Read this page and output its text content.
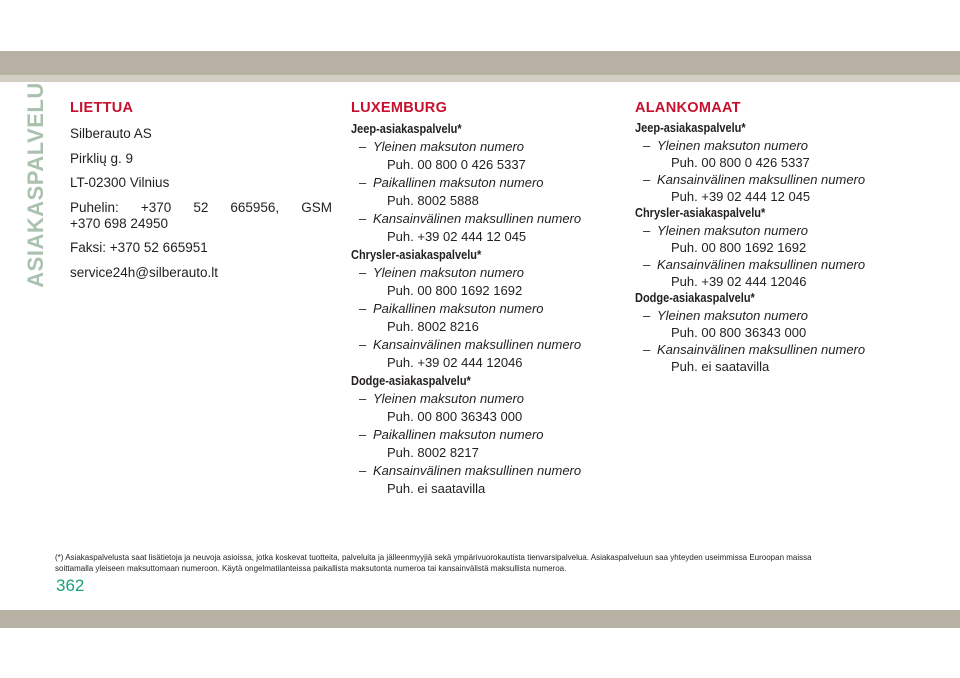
ASIAKASPALVELU LIETTUA
Silberauto AS
Pirklių g. 9
LT-02300 Vilnius
Puhelin: +370 52 665956, GSM
+370 698 24950
Faksi: +370 52 665951
service24h@silberauto.lt
LUXEMBURG
Jeep-asiakaspalvelu*
– Yleinen maksuton numero
Puh. 00 800 0 426 5337
– Paikallinen maksuton numero
Puh. 8002 5888
– Kansainvälinen maksullinen numero
Puh. +39 02 444 12 045
Chrysler-asiakaspalvelu*
– Yleinen maksuton numero
Puh. 00 800 1692 1692
– Paikallinen maksuton numero
Puh. 8002 8216
– Kansainvälinen maksullinen numero
Puh. +39 02 444 12046
Dodge-asiakaspalvelu*
– Yleinen maksuton numero
Puh. 00 800 36343 000
– Paikallinen maksuton numero
Puh. 8002 8217
– Kansainvälinen maksullinen numero
Puh. ei saatavilla
ALANKOMAAT
Jeep-asiakaspalvelu*
– Yleinen maksuton numero
Puh. 00 800 0 426 5337
– Kansainvälinen maksullinen numero
Puh. +39 02 444 12 045
Chrysler-asiakaspalvelu*
– Yleinen maksuton numero
Puh. 00 800 1692 1692
– Kansainvälinen maksullinen numero
Puh. +39 02 444 12046
Dodge-asiakaspalvelu*
– Yleinen maksuton numero
Puh. 00 800 36343 000
– Kansainvälinen maksullinen numero
Puh. ei saatavilla
(*) Asiakaspalvelusta saat lisätietoja ja neuvoja asioissa, jotka koskevat tuotteita, palveluita ja jälleenmyyjiä sekä ympärivuorokautista tienvarsipalvelua. Asiakaspalveluun saa yhteyden useimmissa Euroopan maissa soittamalla yleiseen maksuttomaan numeroon. Käytä ongelmatilanteissa paikallista maksutonta numeroa tai kansainvälistä maksullista numeroa.
362
